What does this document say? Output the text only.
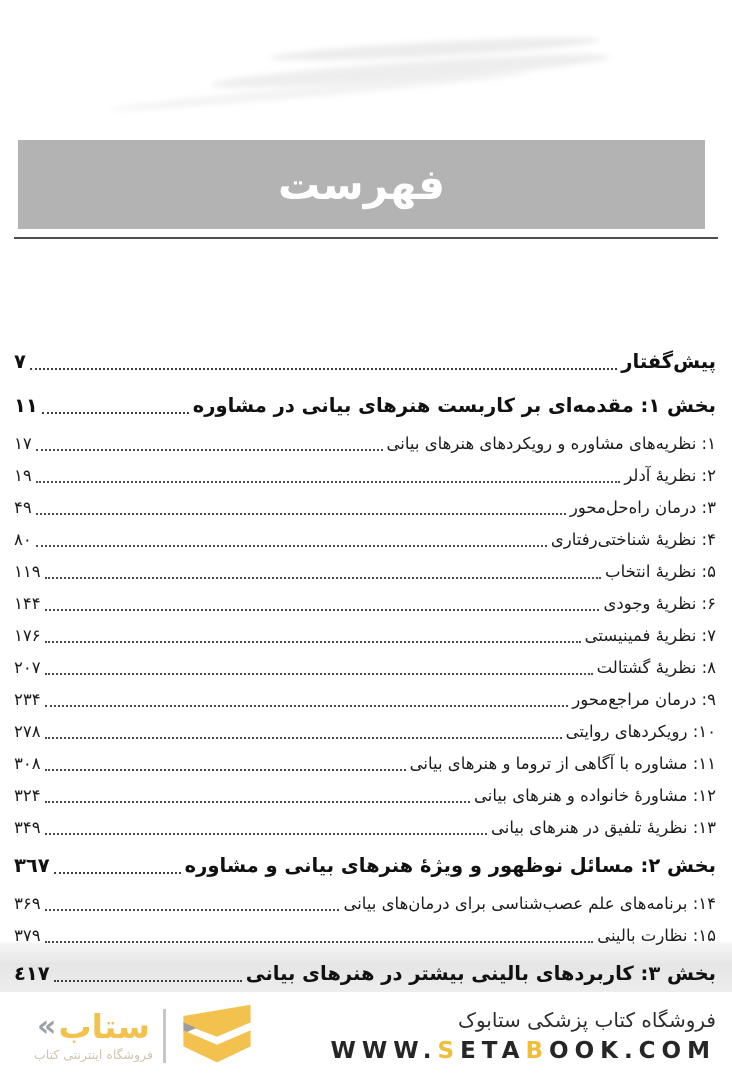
فهرست
پیش‌گفتار
۷
بخش ۱: مقدمه‌ای بر کاربست هنرهای بیانی در مشاوره
۱۱
۱: نظریه‌های مشاوره و رویکردهای هنرهای بیانی
۱۷
۲: نظریهٔ آدلر
۱۹
۳: درمان راه‌حل‌محور
۴۹
۴: نظریهٔ شناختی‌رفتاری
۸۰
۵: نظریهٔ انتخاب
۱۱۹
۶: نظریهٔ وجودی
۱۴۴
۷: نظریهٔ فمینیستی
۱۷۶
۸: نظریهٔ گشتالت
۲۰۷
۹: درمان مراجع‌محور
۲۳۴
۱۰: رویکردهای روایتی
۲۷۸
۱۱: مشاوره با آگاهی از تروما و هنرهای بیانی
۳۰۸
۱۲: مشاورهٔ خانواده و هنرهای بیانی
۳۲۴
۱۳: نظریهٔ تلفیق در هنرهای بیانی
۳۴۹
بخش ۲: مسائل نوظهور و ویژهٔ هنرهای بیانی و مشاوره
٣٦٧
۱۴: برنامه‌های علم عصب‌شناسی برای درمان‌های بیانی
۳۶۹
۱۵: نظارت بالینی
۳۷۹
بخش ۳: کاربردهای بالینی بیشتر در هنرهای بیانی
٤١٧
فروشگاه کتاب پزشکی ستابوک
WWW.SETABOOK.COM
« ستاب
فروشگاه اینترنتی کتاب
